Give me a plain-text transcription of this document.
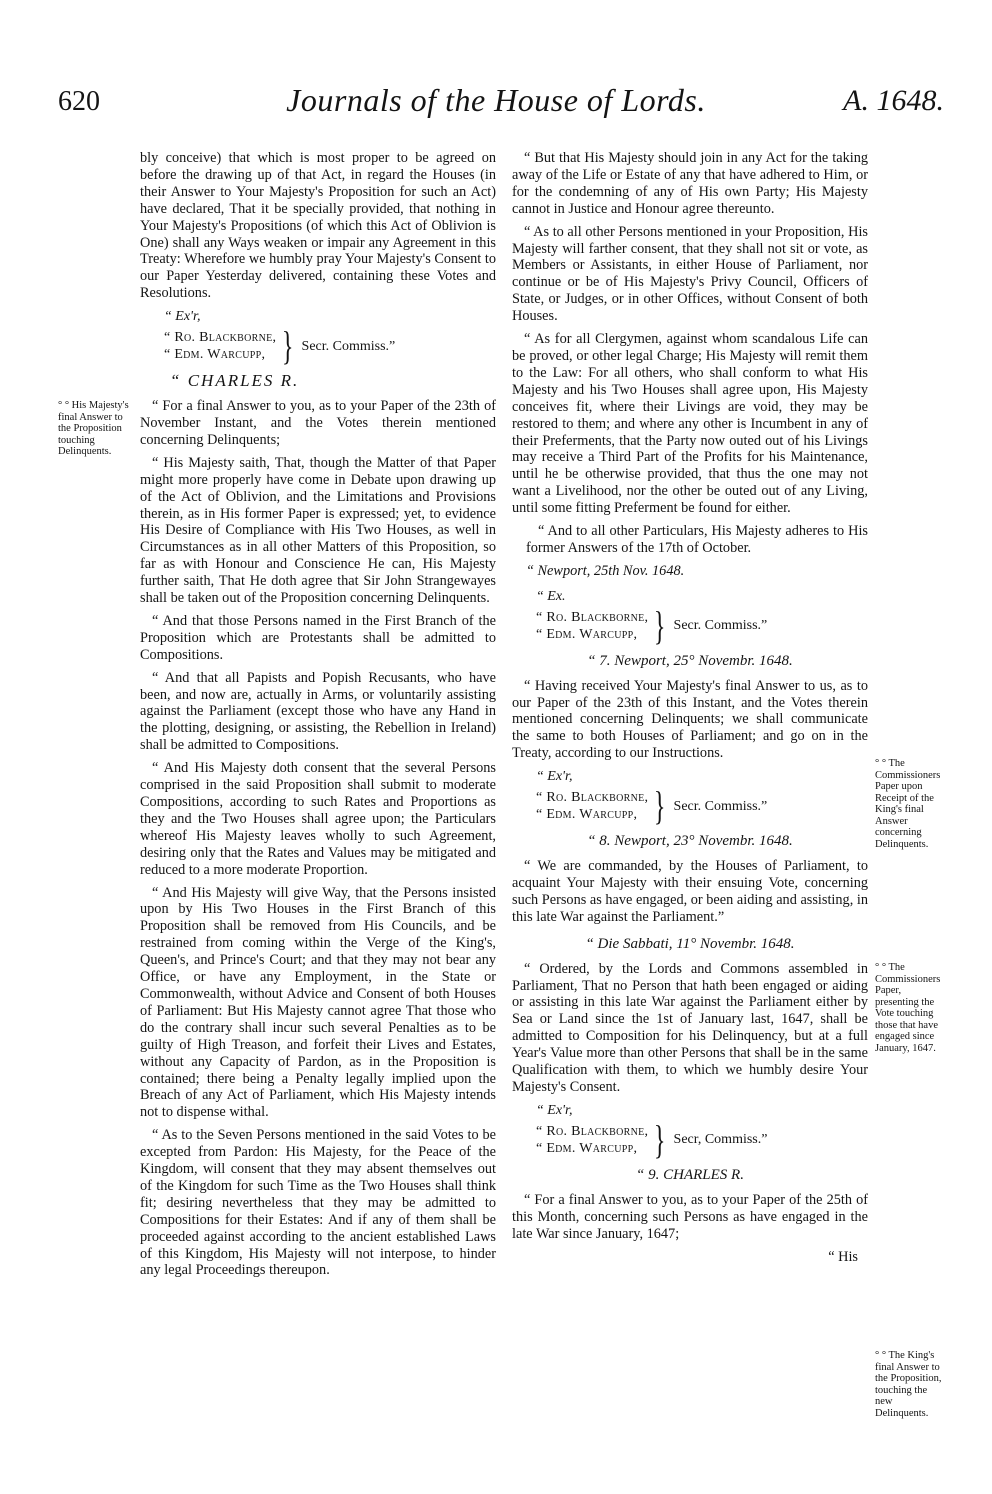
620	Journals of the House of Lords.	A. 1648.
° ° His Majesty's final Answer to the Proposition touching Delinquents.
° ° The Commissioners Paper upon Receipt of the King's final Answer concerning Delinquents.
° ° The Commissioners Paper, presenting the Vote touching those that have engaged since January, 1647.
° ° The King's final Answer to the Proposition, touching the new Delinquents.

bly conceive) that which is most proper to be agreed on before the drawing up of that Act, in regard the Houses (in their Answer to Your Majesty's Proposition for such an Act) have declared, That it be specially provided, that nothing in Your Majesty's Propositions (of which this Act of Oblivion is One) shall any Ways weaken or impair any Agreement in this Treaty: Wherefore we humbly pray Your Majesty's Consent to our Paper Yesterday delivered, containing these Votes and Resolutions.

“ Ex'r,
“ Ro. Blackborne,
“ Edm. Warcupp, } Secr. Commiss.”
“ CHARLES R.

“ For a final Answer to you, as to your Paper of the 23th of November Instant, and the Votes therein mentioned concerning Delinquents;

“ His Majesty saith, That, though the Matter of that Paper might more properly have come in Debate upon drawing up of the Act of Oblivion, and the Limitations and Provisions therein, as in His former Paper is expressed; yet, to evidence His Desire of Compliance with His Two Houses, as well in Circumstances as in all other Matters of this Proposition, so far as with Honour and Conscience He can, His Majesty further saith, That He doth agree that Sir John Strangewayes shall be taken out of the Proposition concerning Delinquents.

“ And that those Persons named in the First Branch of the Proposition which are Protestants shall be admitted to Compositions.

“ And that all Papists and Popish Recusants, who have been, and now are, actually in Arms, or voluntarily assisting against the Parliament (except those who have any Hand in the plotting, designing, or assisting, the Rebellion in Ireland) shall be admitted to Compositions.

“ And His Majesty doth consent that the several Persons comprised in the said Proposition shall submit to moderate Compositions, according to such Rates and Proportions as they and the Two Houses shall agree upon; the Particulars whereof His Majesty leaves wholly to such Agreement, desiring only that the Rates and Values may be mitigated and reduced to a more moderate Proportion.

“ And His Majesty will give Way, that the Persons insisted upon by His Two Houses in the First Branch of this Proposition shall be removed from His Councils, and be restrained from coming within the Verge of the King's, Queen's, and Prince's Court; and that they may not bear any Office, or have any Employment, in the State or Commonwealth, without Advice and Consent of both Houses of Parliament: But His Majesty cannot agree That those who do the contrary shall incur such several Penalties as to be guilty of High Treason, and forfeit their Lives and Estates, without any Capacity of Pardon, as in the Proposition is contained; there being a Penalty legally implied upon the Breach of any Act of Parliament, which His Majesty intends not to dispense withal.

“ As to the Seven Persons mentioned in the said Votes to be excepted from Pardon: His Majesty, for the Peace of the Kingdom, will consent that they may absent themselves out of the Kingdom for such Time as the Two Houses shall think fit; desiring nevertheless that they may be admitted to Compositions for their Estates: And if any of them shall be proceeded against according to the ancient established Laws of this Kingdom, His Majesty will not interpose, to hinder any legal Proceedings thereupon.

“ But that His Majesty should join in any Act for the taking away of the Life or Estate of any that have adhered to Him, or for the condemning of any of His own Party; His Majesty cannot in Justice and Honour agree thereunto.

“ As to all other Persons mentioned in your Proposition, His Majesty will farther consent, that they shall not sit or vote, as Members or Assistants, in either House of Parliament, nor continue or be of His Majesty's Privy Council, Officers of State, or Judges, or in other Offices, without Consent of both Houses.

“ As for all Clergymen, against whom scandalous Life can be proved, or other legal Charge; His Majesty will remit them to the Law: For all others, who shall conform to what His Majesty and his Two Houses shall agree upon, His Majesty conceives fit, where their Livings are void, they may be restored to them; and where any other is Incumbent in any of their Preferments, that the Party now outed out of his Livings may receive a Third Part of the Profits for his Maintenance, until he be otherwise provided, that thus the one may not want a Livelihood, nor the other be outed out of any Living, until some fitting Preferment be found for either.

“ And to all other Particulars, His Majesty adheres to His former Answers of the 17th of October.

“ Newport, 25th Nov. 1648.
“ Ex.
“ Ro. Blackborne,
“ Edm. Warcupp, } Secr. Commiss.”
“ 7. Newport, 25° Novembr. 1648.

“ Having received Your Majesty's final Answer to us, as to our Paper of the 23th of this Instant, and the Votes therein mentioned concerning Delinquents; we shall communicate the same to both Houses of Parliament; and go on in the Treaty, according to our Instructions.

“ Ex'r,
“ Ro. Blackborne,
“ Edm. Warcupp, } Secr. Commiss.”
“ 8. Newport, 23° Novembr. 1648.

“ We are commanded, by the Houses of Parliament, to acquaint Your Majesty with their ensuing Vote, concerning such Persons as have engaged, or been aiding and assisting, in this late War against the Parliament.”

“ Die Sabbati, 11° Novembr. 1648.

“ Ordered, by the Lords and Commons assembled in Parliament, That no Person that hath been engaged or aiding or assisting in this late War against the Parliament either by Sea or Land since the 1st of January last, 1647, shall be admitted to Composition for his Delinquency, but at a full Year's Value more than other Persons that shall be in the same Qualification with them, to which we humbly desire Your Majesty's Consent.

“ Ex'r,
“ Ro. Blackborne,
“ Edm. Warcupp, } Secr, Commiss.”
“ 9. CHARLES R.

“ For a final Answer to you, as to your Paper of the 25th of this Month, concerning such Persons as have engaged in the late War since January, 1647;

“ His
